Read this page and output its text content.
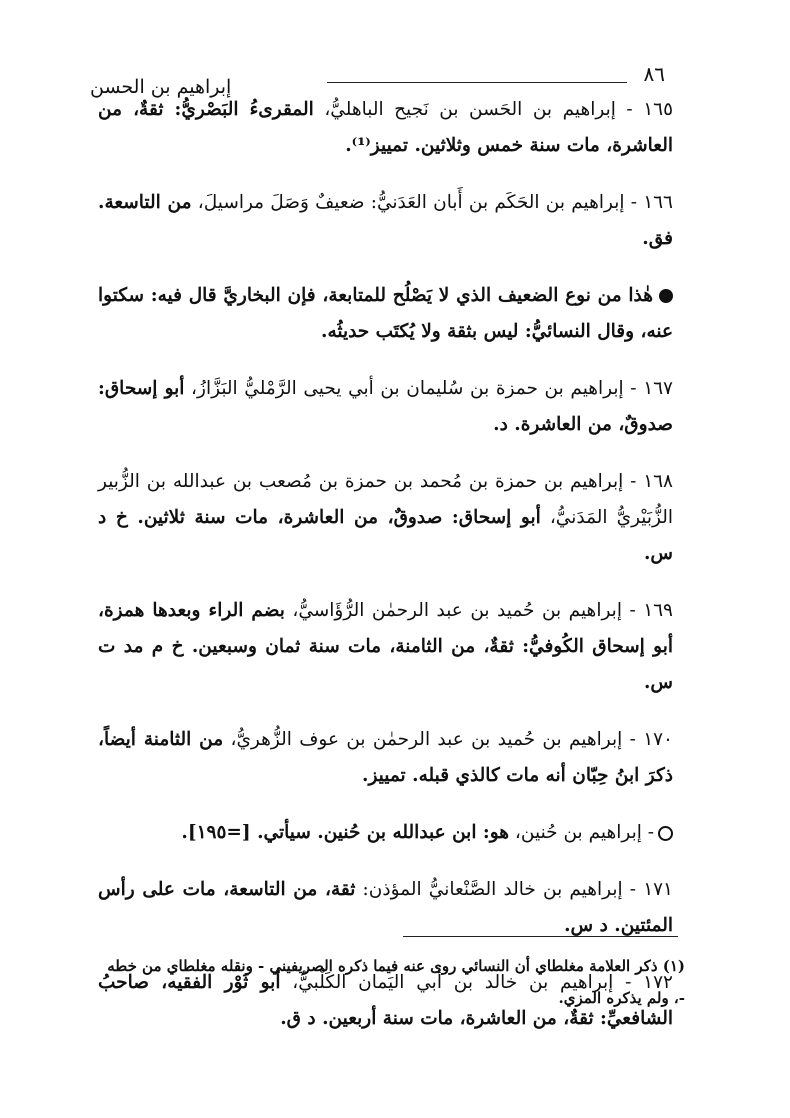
٨٦
إبراهيم بن الحسن

١٦٥ - إبراهيم بن الحَسن بن نَجيح الباهليُّ، المقرىءُ البَصْريُّ: ثقةٌ، من العاشرة، مات سنة خمس وثلاثين. تمييز⁽¹⁾.

١٦٦ - إبراهيم بن الحَكَم بن أَبان العَدَنيُّ: ضعيفٌ وَصَلَ مراسيلَ، من التاسعة. فق.

هٰذا من نوع الضعيف الذي لا يَصْلُح للمتابعة، فإن البخاريَّ قال فيه: سكتوا عنه، وقال النسائيُّ: ليس بثقة ولا يُكتَب حديثُه.

١٦٧ - إبراهيم بن حمزة بن سُليمان بن أبي يحيى الرَّمْليُّ البَزَّازُ، أبو إسحاق: صدوقٌ، من العاشرة. د.

١٦٨ - إبراهيم بن حمزة بن مُحمد بن حمزة بن مُصعب بن عبدالله بن الزُّبير الزُّبَيْريُّ المَدَنيُّ، أبو إسحاق: صدوقٌ، من العاشرة، مات سنة ثلاثين. خ د س.

١٦٩ - إبراهيم بن حُميد بن عبد الرحمٰن الرُّؤَاسيُّ، بضم الراء وبعدها همزة، أبو إسحاق الكُوفيُّ: ثقةٌ، من الثامنة، مات سنة ثمان وسبعين. خ م مد ت س.

١٧٠ - إبراهيم بن حُميد بن عبد الرحمٰن بن عوف الزُّهريُّ، من الثامنة أيضاً، ذكرَ ابنُ حِبّان أنه مات كالذي قبله. تمييز.

- إبراهيم بن حُنين، هو: ابن عبدالله بن حُنين. سيأتي. [=١٩٥].

١٧١ - إبراهيم بن خالد الصَّنْعانيُّ المؤذن: ثقة، من التاسعة، مات على رأس المئتين. د س.

١٧٢ - إبراهيم بن خالد بن أبي اليَمان الكَلْبيُّ، أبو ثَوْر الفقيه، صاحبُ الشافعيِّ: ثقةٌ، من العاشرة، مات سنة أربعين. د ق.

(١) ذكر العلامة مغلطاي أن النسائي روى عنه فيما ذكره الصريفيني - ونقله مغلطاي من خطه -، ولم يذكره المزي.
